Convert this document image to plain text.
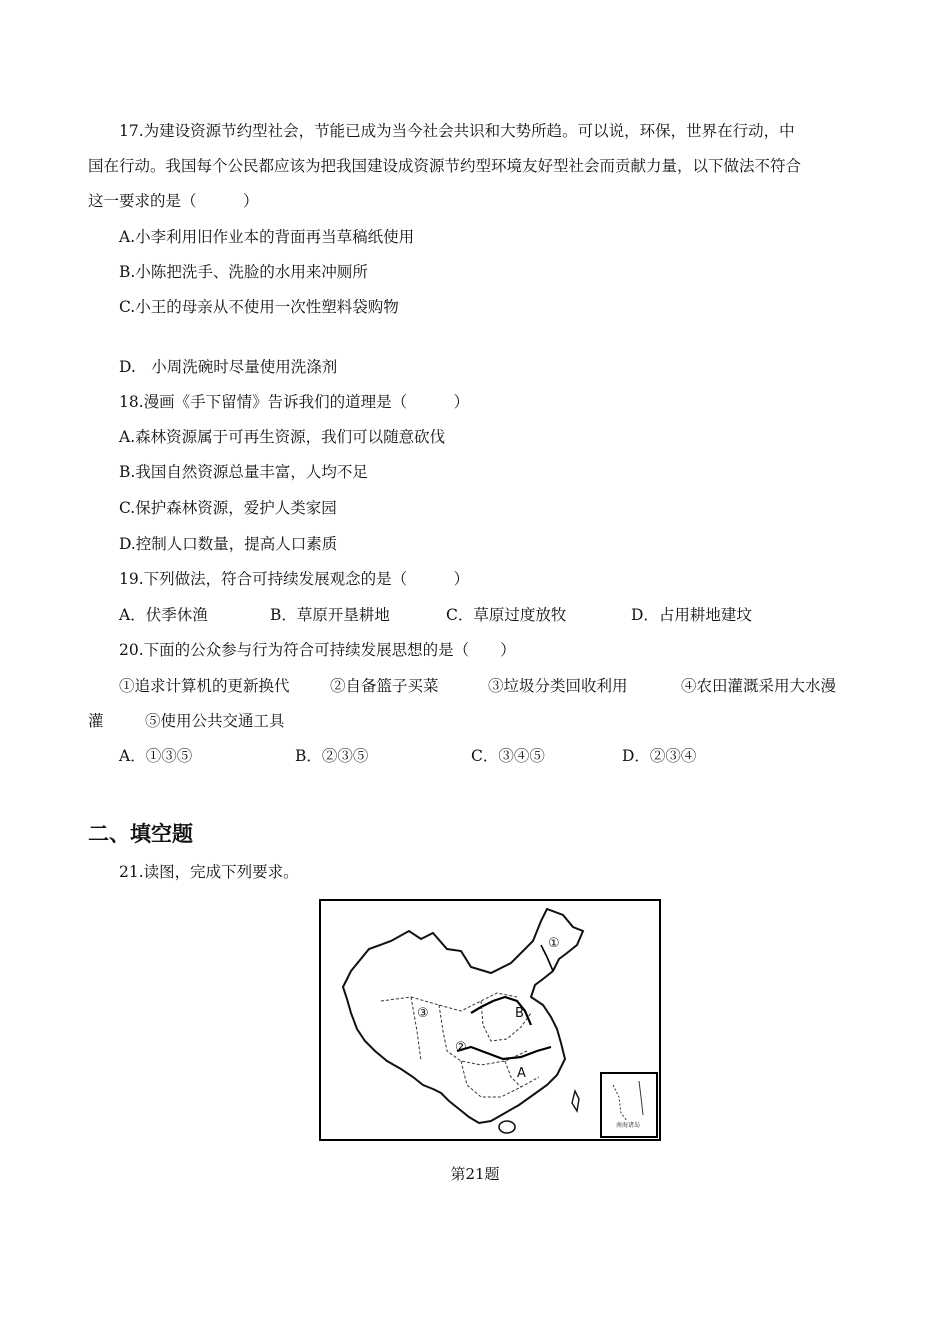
17.为建设资源节约型社会，节能已成为当今社会共识和大势所趋。可以说，环保，世界在行动，中
国在行动。我国每个公民都应该为把我国建设成资源节约型环境友好型社会而贡献力量，以下做法不符合
这一要求的是（　　　）
A.小李利用旧作业本的背面再当草稿纸使用
B.小陈把洗手、洗脸的水用来冲厕所
C.小王的母亲从不使用一次性塑料袋购物
D.　小周洗碗时尽量使用洗涤剂
18.漫画《手下留情》告诉我们的道理是（　　　）
A.森林资源属于可再生资源，我们可以随意砍伐
B.我国自然资源总量丰富，人均不足
C.保护森林资源，爱护人类家园
D.控制人口数量，提高人口素质
19.下列做法，符合可持续发展观念的是（　　　）
A．伏季休渔	B．草原开垦耕地	C．草原过度放牧	D．占用耕地建坟
20.下面的公众参与行为符合可持续发展思想的是（　　）
①追求计算机的更新换代	②自备篮子买菜	③垃圾分类回收利用	④农田灌溉采用大水漫
灌	⑤使用公共交通工具
A．①③⑤	B．②③⑤	C．③④⑤	D．②③④
二、填空题
21.读图，完成下列要求。
①
②
③
A
B
南海诸岛
第21题
